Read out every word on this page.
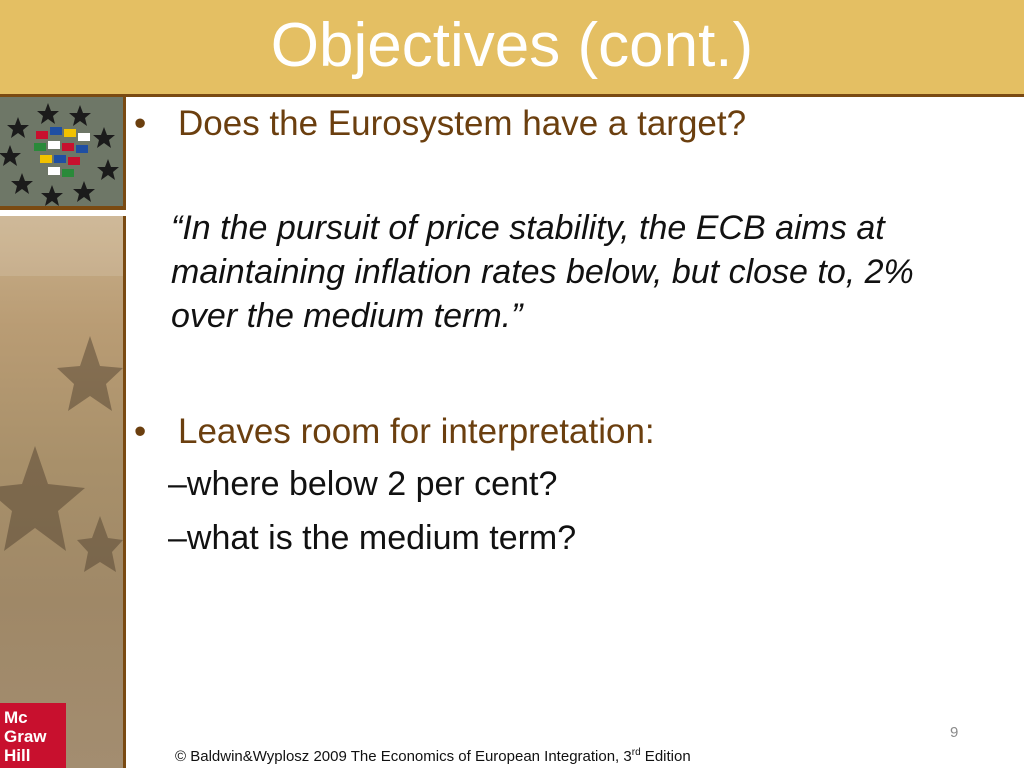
Objectives (cont.)
Mc
Graw
Hill
• Does the Eurosystem have a target?
“In the pursuit of price stability, the ECB aims at maintaining inflation rates below, but close to, 2% over the medium term.”
• Leaves room for interpretation:
–where below 2 per cent?
–what is the medium term?
9
© Baldwin&Wyplosz 2009 The Economics of European Integration, 3rd Edition
